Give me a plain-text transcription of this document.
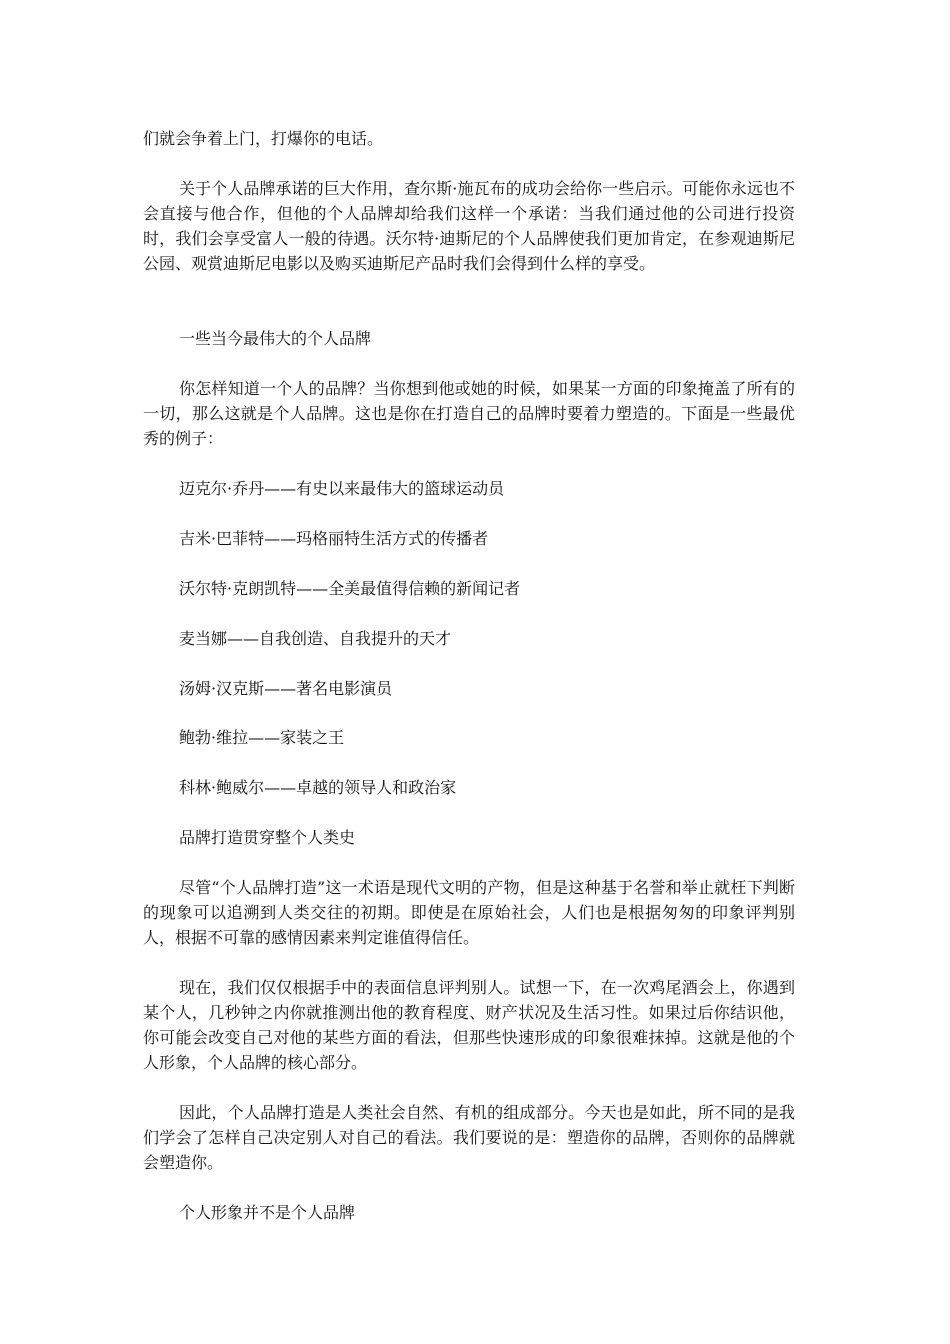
们就会争着上门，打爆你的电话。

关于个人品牌承诺的巨大作用，查尔斯·施瓦布的成功会给你一些启示。可能你永远也不会直接与他合作，但他的个人品牌却给我们这样一个承诺：当我们通过他的公司进行投资时，我们会享受富人一般的待遇。沃尔特·迪斯尼的个人品牌使我们更加肯定，在参观迪斯尼公园、观赏迪斯尼电影以及购买迪斯尼产品时我们会得到什么样的享受。

一些当今最伟大的个人品牌

你怎样知道一个人的品牌？当你想到他或她的时候，如果某一方面的印象掩盖了所有的一切，那么这就是个人品牌。这也是你在打造自己的品牌时要着力塑造的。下面是一些最优秀的例子：

迈克尔·乔丹——有史以来最伟大的篮球运动员

吉米·巴菲特——玛格丽特生活方式的传播者

沃尔特·克朗凯特——全美最值得信赖的新闻记者

麦当娜——自我创造、自我提升的天才

汤姆·汉克斯——著名电影演员

鲍勃·维拉——家装之王

科林·鲍威尔——卓越的领导人和政治家

品牌打造贯穿整个人类史

尽管“个人品牌打造”这一术语是现代文明的产物，但是这种基于名誉和举止就枉下判断的现象可以追溯到人类交往的初期。即使是在原始社会，人们也是根据匆匆的印象评判别人，根据不可靠的感情因素来判定谁值得信任。

现在，我们仅仅根据手中的表面信息评判别人。试想一下，在一次鸡尾酒会上，你遇到某个人，几秒钟之内你就推测出他的教育程度、财产状况及生活习性。如果过后你结识他，你可能会改变自己对他的某些方面的看法，但那些快速形成的印象很难抹掉。这就是他的个人形象，个人品牌的核心部分。

因此，个人品牌打造是人类社会自然、有机的组成部分。今天也是如此，所不同的是我们学会了怎样自己决定别人对自己的看法。我们要说的是：塑造你的品牌，否则你的品牌就会塑造你。

个人形象并不是个人品牌
